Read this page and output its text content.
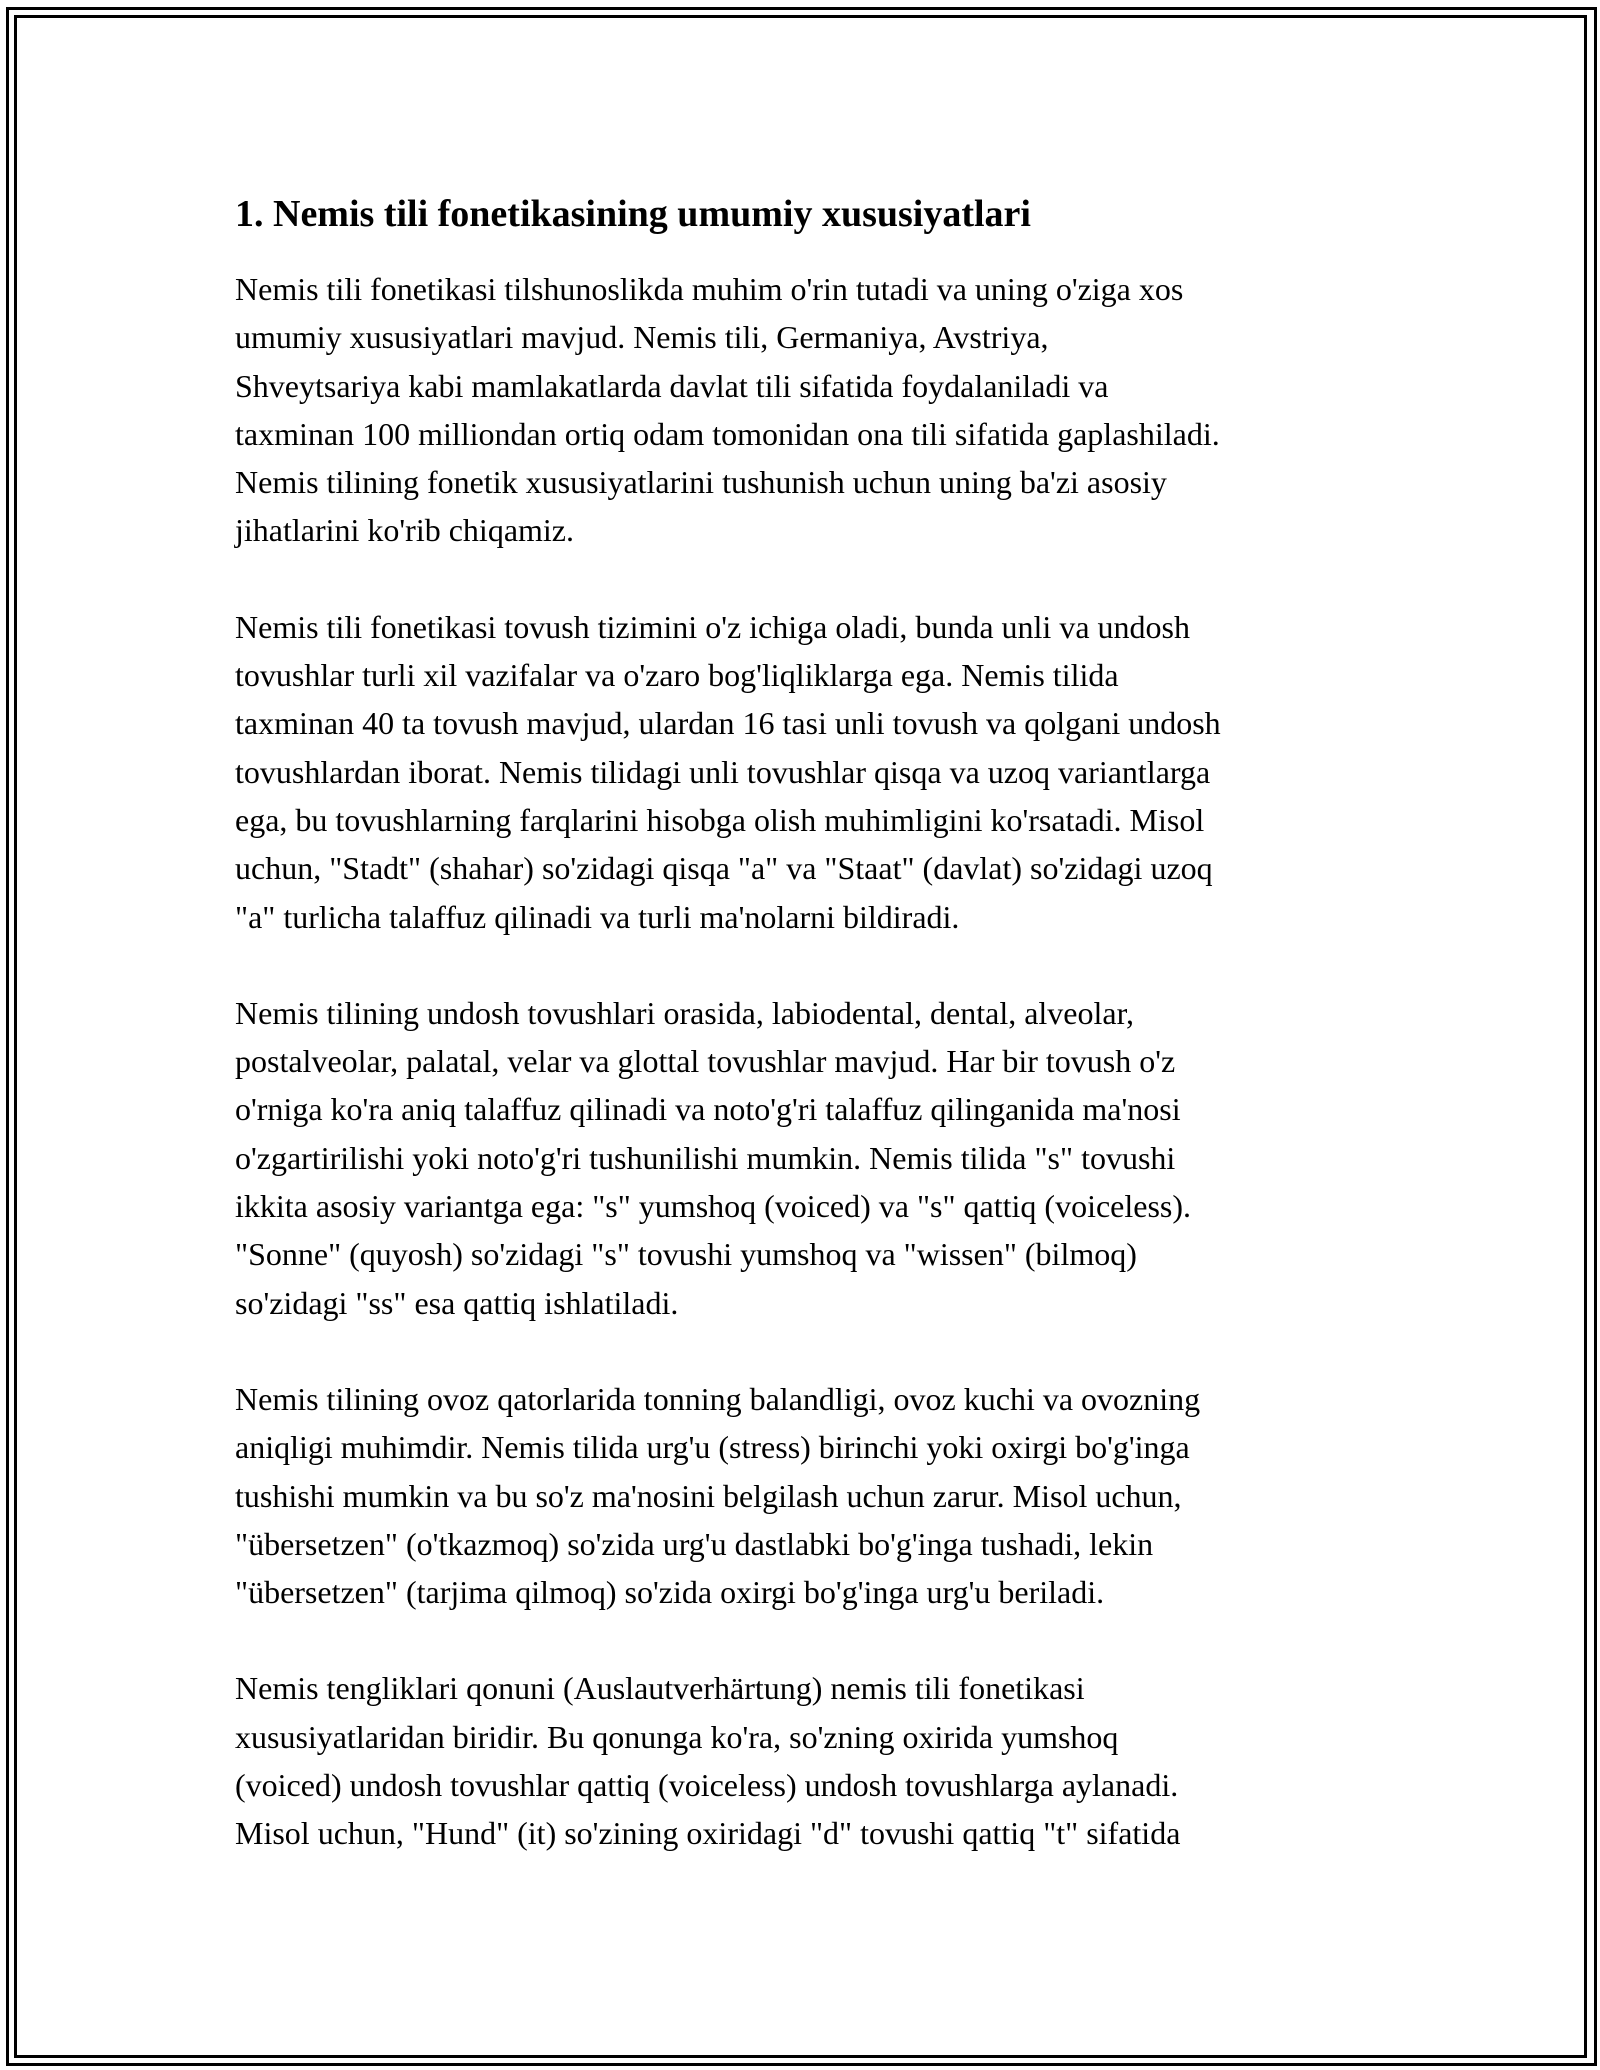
1. Nemis tili fonetikasining umumiy xususiyatlari

Nemis tili fonetikasi tilshunoslikda muhim o'rin tutadi va uning o'ziga xos
umumiy xususiyatlari mavjud. Nemis tili, Germaniya, Avstriya,
Shveytsariya kabi mamlakatlarda davlat tili sifatida foydalaniladi va
taxminan 100 milliondan ortiq odam tomonidan ona tili sifatida gaplashiladi.
Nemis tilining fonetik xususiyatlarini tushunish uchun uning ba'zi asosiy
jihatlarini ko'rib chiqamiz.

Nemis tili fonetikasi tovush tizimini o'z ichiga oladi, bunda unli va undosh
tovushlar turli xil vazifalar va o'zaro bog'liqliklarga ega. Nemis tilida
taxminan 40 ta tovush mavjud, ulardan 16 tasi unli tovush va qolgani undosh
tovushlardan iborat. Nemis tilidagi unli tovushlar qisqa va uzoq variantlarga
ega, bu tovushlarning farqlarini hisobga olish muhimligini ko'rsatadi. Misol
uchun, "Stadt" (shahar) so'zidagi qisqa "a" va "Staat" (davlat) so'zidagi uzoq
"a" turlicha talaffuz qilinadi va turli ma'nolarni bildiradi.

Nemis tilining undosh tovushlari orasida, labiodental, dental, alveolar,
postalveolar, palatal, velar va glottal tovushlar mavjud. Har bir tovush o'z
o'rniga ko'ra aniq talaffuz qilinadi va noto'g'ri talaffuz qilinganida ma'nosi
o'zgartirilishi yoki noto'g'ri tushunilishi mumkin. Nemis tilida "s" tovushi
ikkita asosiy variantga ega: "s" yumshoq (voiced) va "s" qattiq (voiceless).
"Sonne" (quyosh) so'zidagi "s" tovushi yumshoq va "wissen" (bilmoq)
so'zidagi "ss" esa qattiq ishlatiladi.

Nemis tilining ovoz qatorlarida tonning balandligi, ovoz kuchi va ovozning
aniqligi muhimdir. Nemis tilida urg'u (stress) birinchi yoki oxirgi bo'g'inga
tushishi mumkin va bu so'z ma'nosini belgilash uchun zarur. Misol uchun,
"übersetzen" (o'tkazmoq) so'zida urg'u dastlabki bo'g'inga tushadi, lekin
"übersetzen" (tarjima qilmoq) so'zida oxirgi bo'g'inga urg'u beriladi.

Nemis tengliklari qonuni (Auslautverhärtung) nemis tili fonetikasi
xususiyatlaridan biridir. Bu qonunga ko'ra, so'zning oxirida yumshoq
(voiced) undosh tovushlar qattiq (voiceless) undosh tovushlarga aylanadi.
Misol uchun, "Hund" (it) so'zining oxiridagi "d" tovushi qattiq "t" sifatida
